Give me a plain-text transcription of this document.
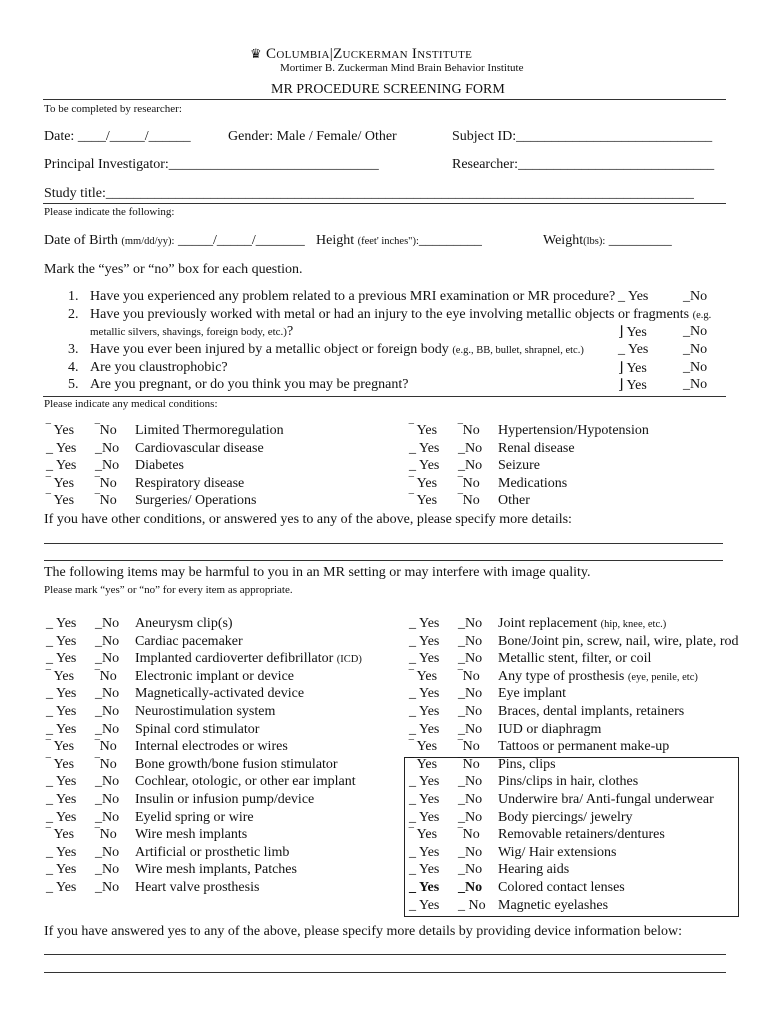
♛ Columbia|Zuckerman Institute
Mortimer B. Zuckerman Mind Brain Behavior Institute
MR PROCEDURE SCREENING FORM
To be completed by researcher:
Date: ____/_____/______	Gender: Male / Female/ Other	Subject ID:____________________________
Principal Investigator:______________________________	Researcher:____________________________
Study title:____________________________________________________________________________________
Please indicate the following:
Date of Birth (mm/dd/yy): _____/_____/_______ Height (feet' inches"):_________	Weight(lbs): _________
Mark the “yes” or “no” box for each question.
1. Have you experienced any problem related to a previous MRI examination or MR procedure? _ Yes _No
2. Have you previously worked with metal or had an injury to the eye involving metallic objects or fragments (e.g.
metallic silvers, shavings, foreign body, etc.)?	⌋ Yes	_No
3. Have you ever been injured by a metallic object or foreign body (e.g., BB, bullet, shrapnel, etc.) _ Yes _No
4. Are you claustrophobic?	⌋ Yes	_No
5. Are you pregnant, or do you think you may be pregnant?	⌋ Yes	_No
Please indicate any medical conditions:
‾ Yes ‾No Limited Thermoregulation
_ Yes _No Cardiovascular disease
_ Yes _No Diabetes
‾ Yes ‾No Respiratory disease
‾ Yes ‾No Surgeries/ Operations
‾ Yes ‾No Hypertension/Hypotension
_ Yes _No Renal disease
_ Yes _No Seizure
‾ Yes ‾No Medications
‾ Yes ‾No Other
If you have other conditions, or answered yes to any of the above, please specify more details:
The following items may be harmful to you in an MR setting or may interfere with image quality.
Please mark “yes” or “no” for every item as appropriate.
_ Yes _No Aneurysm clip(s)
_ Yes _No Cardiac pacemaker
_ Yes _No Implanted cardioverter defibrillator (ICD)
‾ Yes ‾No Electronic implant or device
_ Yes _No Magnetically-activated device
_ Yes _No Neurostimulation system
_ Yes _No Spinal cord stimulator
‾ Yes ‾No Internal electrodes or wires
‾ Yes ‾No Bone growth/bone fusion stimulator
_ Yes _No Cochlear, otologic, or other ear implant
_ Yes _No Insulin or infusion pump/device
_ Yes _No Eyelid spring or wire
‾ Yes ‾No Wire mesh implants
_ Yes _No Artificial or prosthetic limb
_ Yes _No Wire mesh implants, Patches
_ Yes _No Heart valve prosthesis
_ Yes _No Joint replacement (hip, knee, etc.)
_ Yes _No Bone/Joint pin, screw, nail, wire, plate, rod
_ Yes _No Metallic stent, filter, or coil
‾ Yes ‾No Any type of prosthesis (eye, penile, etc)
_ Yes _No Eye implant
_ Yes _No Braces, dental implants, retainers
_ Yes _No IUD or diaphragm
‾ Yes ‾No Tattoos or permanent make-up
‾ Yes ‾No Pins, clips
_ Yes _No Pins/clips in hair, clothes
_ Yes _No Underwire bra/ Anti-fungal underwear
_ Yes _No Body piercings/ jewelry
‾ Yes ‾No Removable retainers/dentures
_ Yes _No Wig/ Hair extensions
_ Yes _No Hearing aids
_ Yes _No Colored contact lenses
_ Yes _ No Magnetic eyelashes
If you have answered yes to any of the above, please specify more details by providing device information below:
